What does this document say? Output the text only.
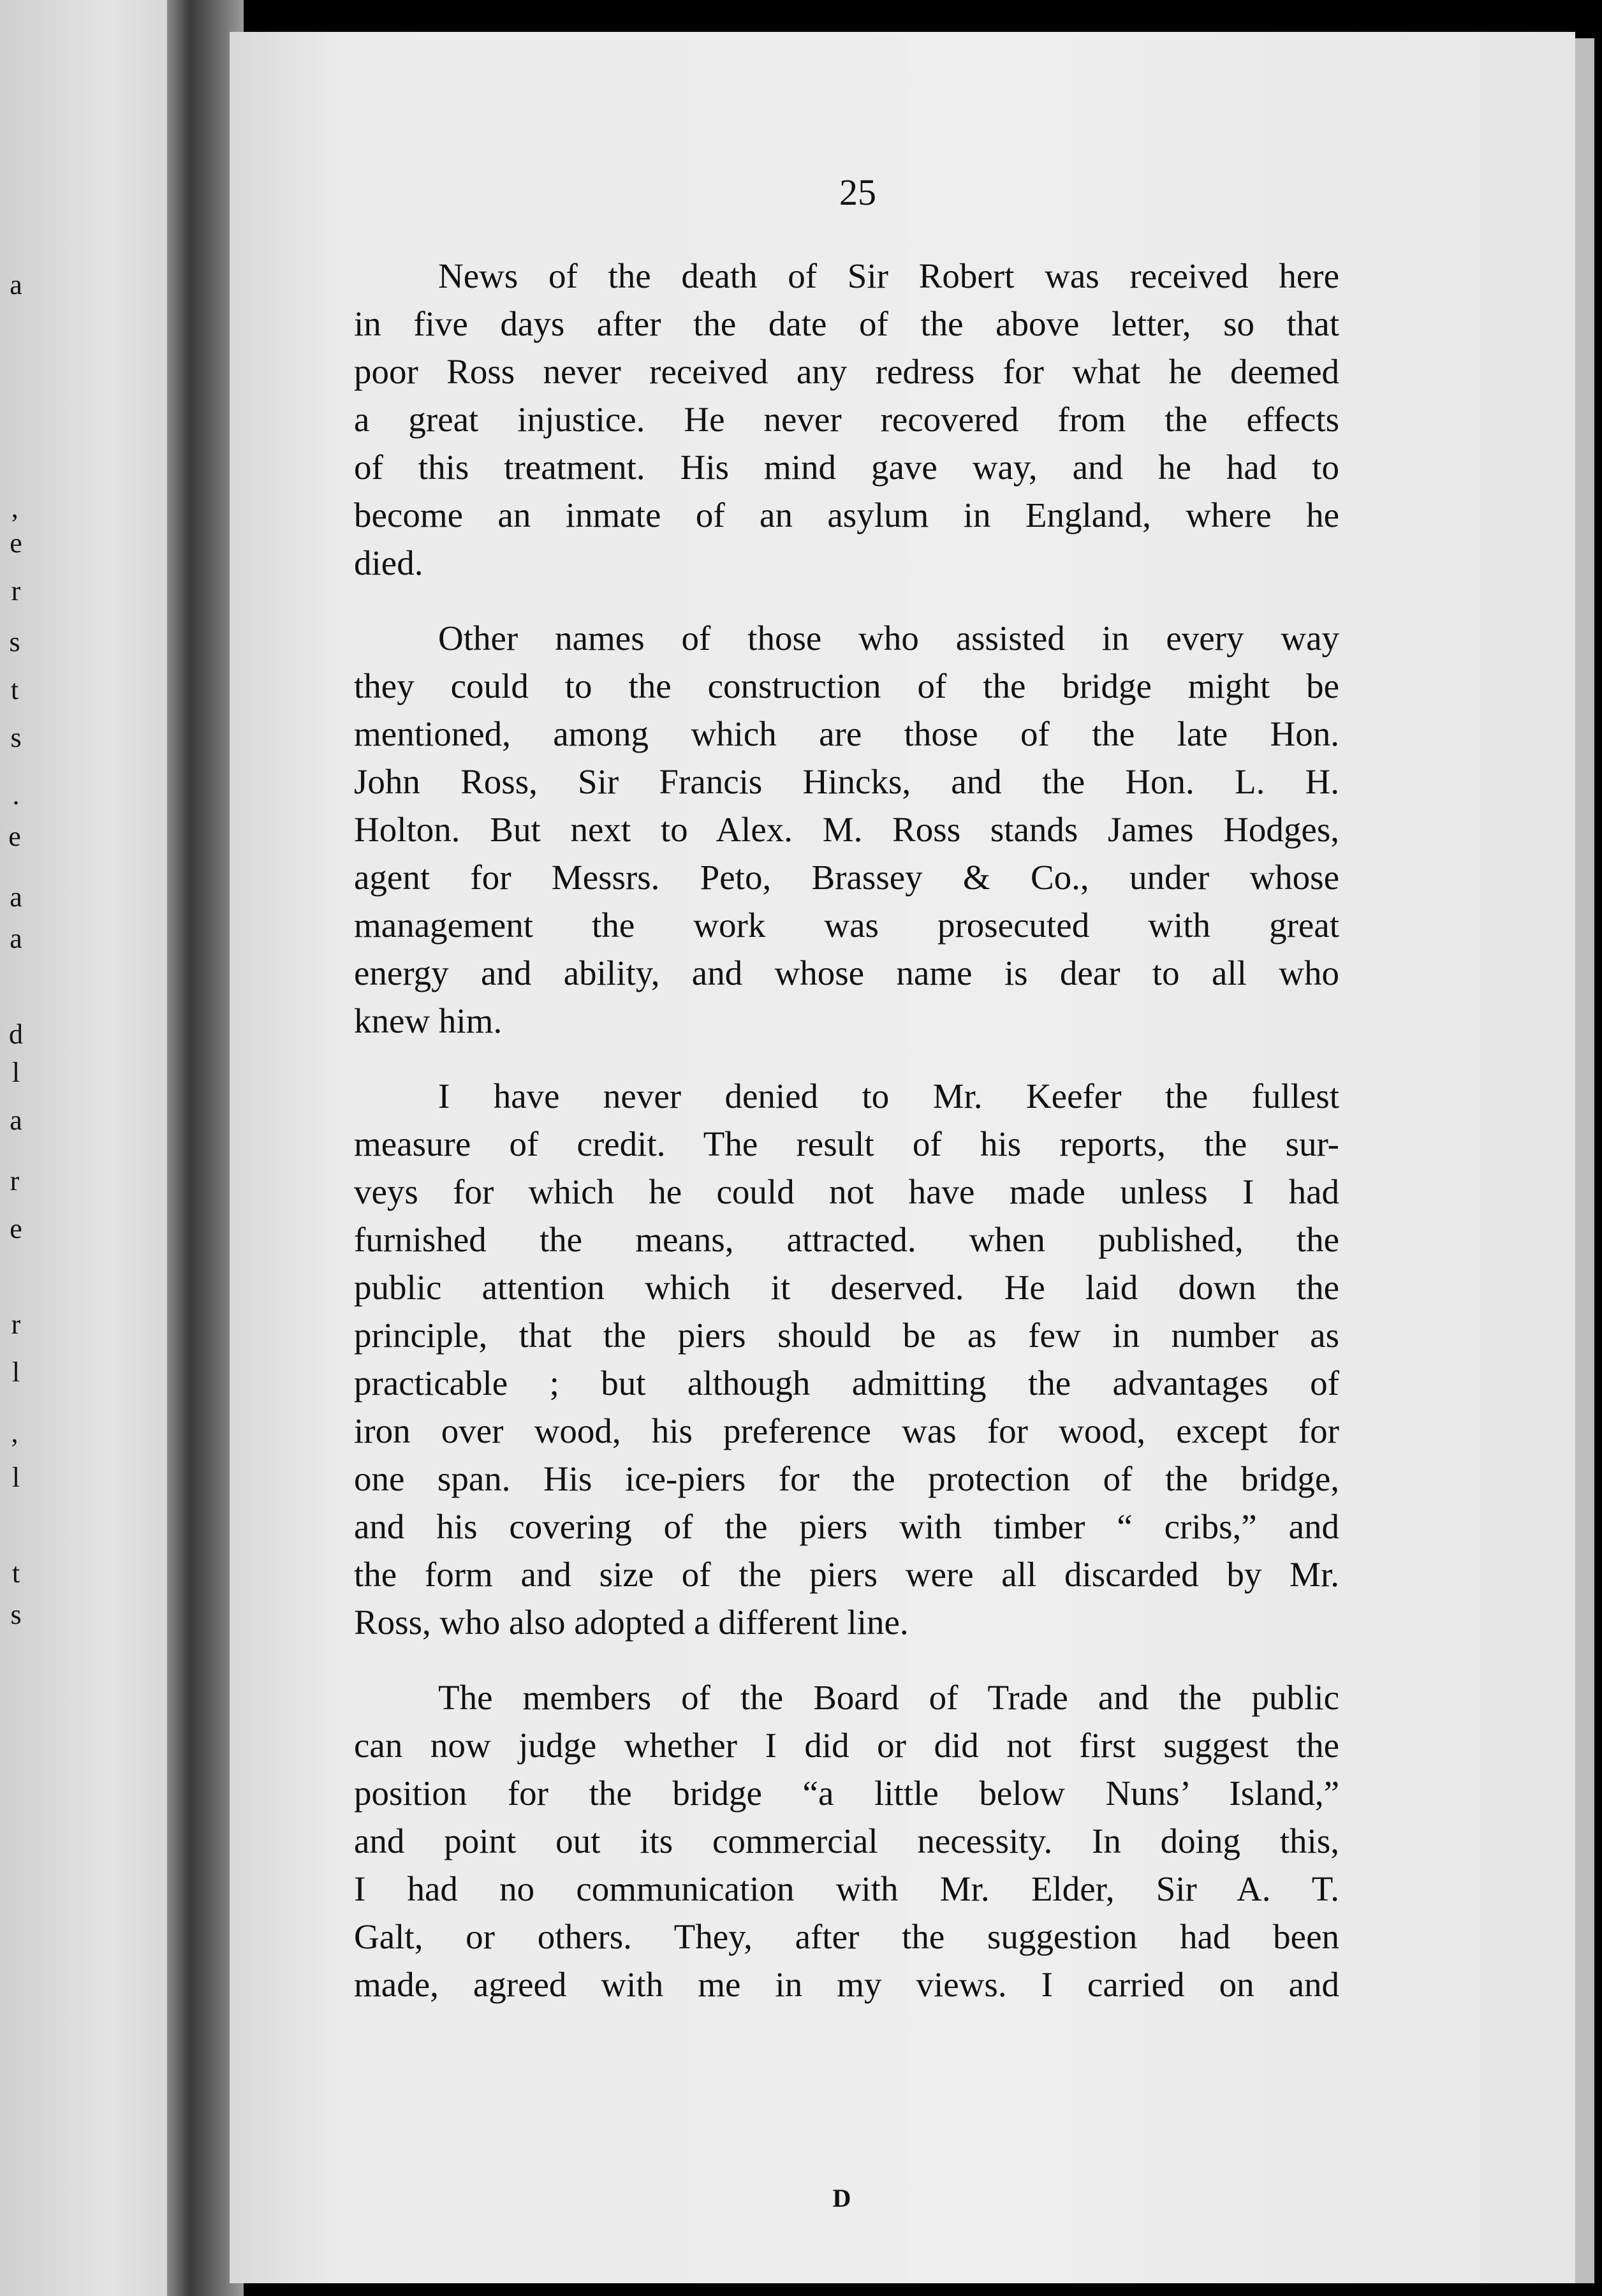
a
‚
e
r
s
t
s
.
e
a
a
d
l
a
r
e
r
l
,
l
t
s
25
News of the death of Sir Robert was received here
in five days after the date of the above letter, so that
poor Ross never received any redress for what he deemed
a great injustice. He never recovered from the effects
of this treatment. His mind gave way, and he had to
become an inmate of an asylum in England, where he
died.
Other names of those who assisted in every way
they could to the construction of the bridge might be
mentioned, among which are those of the late Hon.
John Ross, Sir Francis Hincks, and the Hon. L. H.
Holton. But next to Alex. M. Ross stands James Hodges,
agent for Messrs. Peto, Brassey & Co., under whose
management the work was prosecuted with great
energy and ability, and whose name is dear to all who
knew him.
I have never denied to Mr. Keefer the fullest
measure of credit. The result of his reports, the sur-
veys for which he could not have made unless I had
furnished the means, attracted. when published, the
public attention which it deserved. He laid down the
principle, that the piers should be as few in number as
practicable ; but although admitting the advantages of
iron over wood, his preference was for wood, except for
one span. His ice-piers for the protection of the bridge,
and his covering of the piers with timber “ cribs,” and
the form and size of the piers were all discarded by Mr.
Ross, who also adopted a different line.
The members of the Board of Trade and the public
can now judge whether I did or did not first suggest the
position for the bridge “a little below Nuns’ Island,”
and point out its commercial necessity. In doing this,
I had no communication with Mr. Elder, Sir A. T.
Galt, or others. They, after the suggestion had been
made, agreed with me in my views. I carried on and
D
